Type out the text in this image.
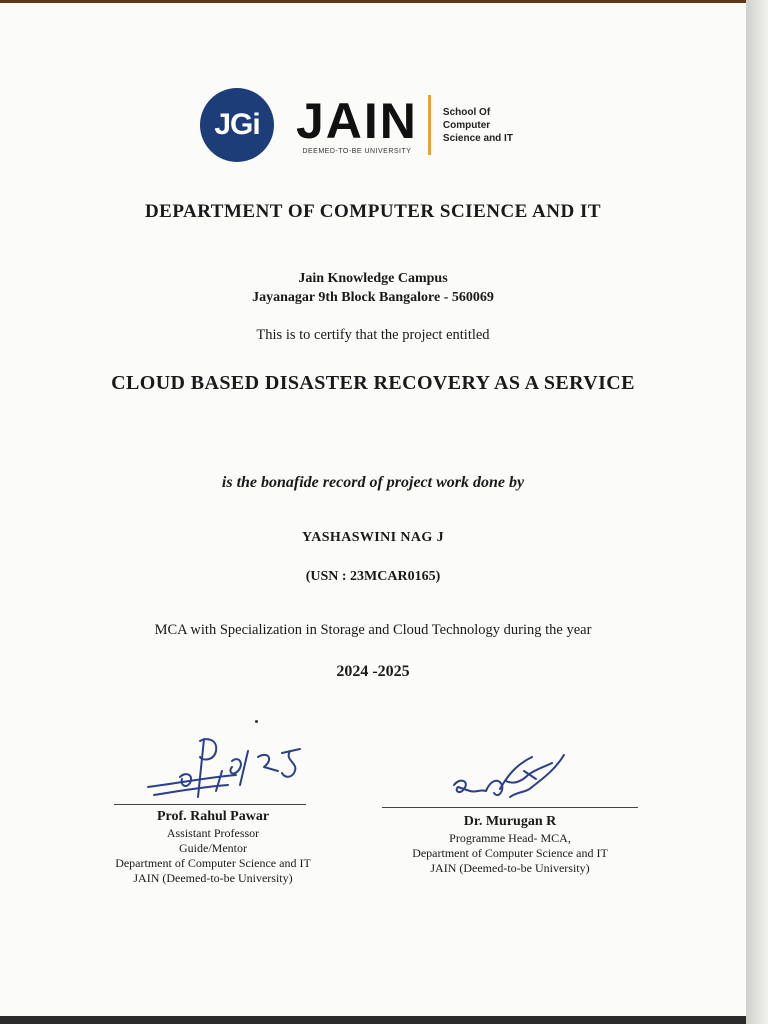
JGi JAIN
DEEMED-TO-BE UNIVERSITY
School Of
Computer
Science and IT
DEPARTMENT OF COMPUTER SCIENCE AND IT
Jain Knowledge Campus
Jayanagar 9th Block Bangalore - 560069
This is to certify that the project entitled
CLOUD BASED DISASTER RECOVERY AS A SERVICE
is the bonafide record of project work done by
YASHASWINI NAG J
(USN : 23MCAR0165)
MCA with Specialization in Storage and Cloud Technology during the year
2024 -2025
Prof. Rahul Pawar
Assistant Professor
Guide/Mentor
Department of Computer Science and IT
JAIN (Deemed-to-be University)
Dr. Murugan R
Programme Head- MCA,
Department of Computer Science and IT
JAIN (Deemed-to-be University)
